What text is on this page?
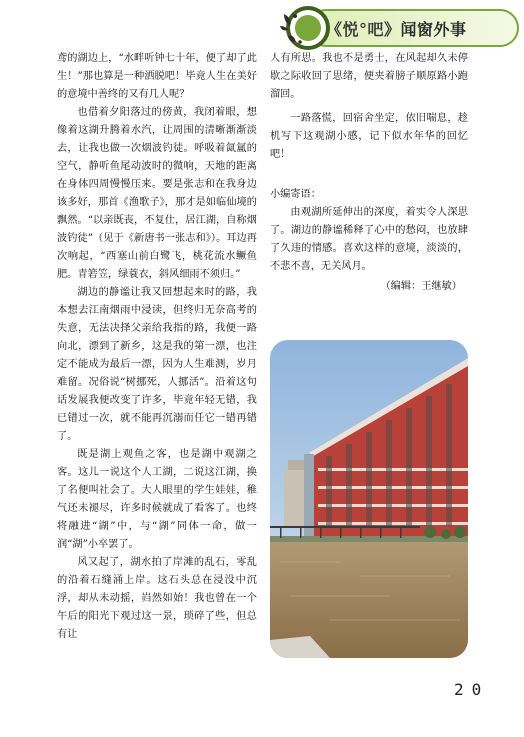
《 悦°吧 》闻窗外事

鸢的湖边上，“水畔听钟七十年，便了却了此生！”那也算是一种洒脱吧！毕竟人生在美好的意境中善终的又有几人呢？

也借着夕阳落过的傍黄，我闭着眼，想像着这湖升腾着水汽，让周围的清晰渐渐淡去，让我也做一次烟波钓徒。呼吸着氤氲的空气，静听鱼尾动波时的微响，天地的距离在身体四周慢慢压来。要是张志和在我身边该多好，那首《渔歌子》，那才是如临仙境的飘然。“以亲既丧，不复仕，居江湖，自称烟波钓徒”（见于《新唐书一张志和》）。耳边再次响起，“西塞山前白鹭飞，桃花流水鳜鱼肥。青箬笠，绿蓑衣，斜风细雨不须归。”

湖边的静谧让我又回想起来时的路，我本想去江南烟雨中浸读，但终归无奈高考的失意，无法决择父亲给我指的路，我便一路向北，漂到了新乡，这是我的第一漂，也注定不能成为最后一漂，因为人生难测，岁月难留。况俗说“树挪死，人挪活”。沿着这句话发展我便改变了许多，毕竟年轻无错，我已错过一次，就不能再沉溺而任它一错再错了。

既是湖上观鱼之客，也是湖中观湖之客。这儿一说这个人工湖，二说这江湖，换了名便叫社会了。大人眼里的学生娃娃，稚气还未褪尽，许多时候就成了看客了。也终将融进“湖”中，与“湖”同体一命，做一润“湖”小卒罢了。

风又起了，湖水拍了岸滩的乱石，零乱的沿着石缝涌上岸。这石头总在浸没中沉浮，却从未动摇，岿然如始！我也曾在一个午后的阳光下观过这一景，琐碎了些，但总有让

人有所思。我也不是勇士，在风起却久未停歇之际收回了思绪，便夹着膀子顺原路小跑溜回。

一路落慌，回宿舍坐定，依旧喘息，趁机写下这观湖小感，记下似水年华的回忆吧！

小编寄语：

由观湖所延伸出的深度，着实令人深思了。湖边的静谧稀释了心中的愁闷，也放肆了久违的情感。喜欢这样的意境，淡淡的，不悲不喜，无关风月。

（编辑：王继敏）

20
